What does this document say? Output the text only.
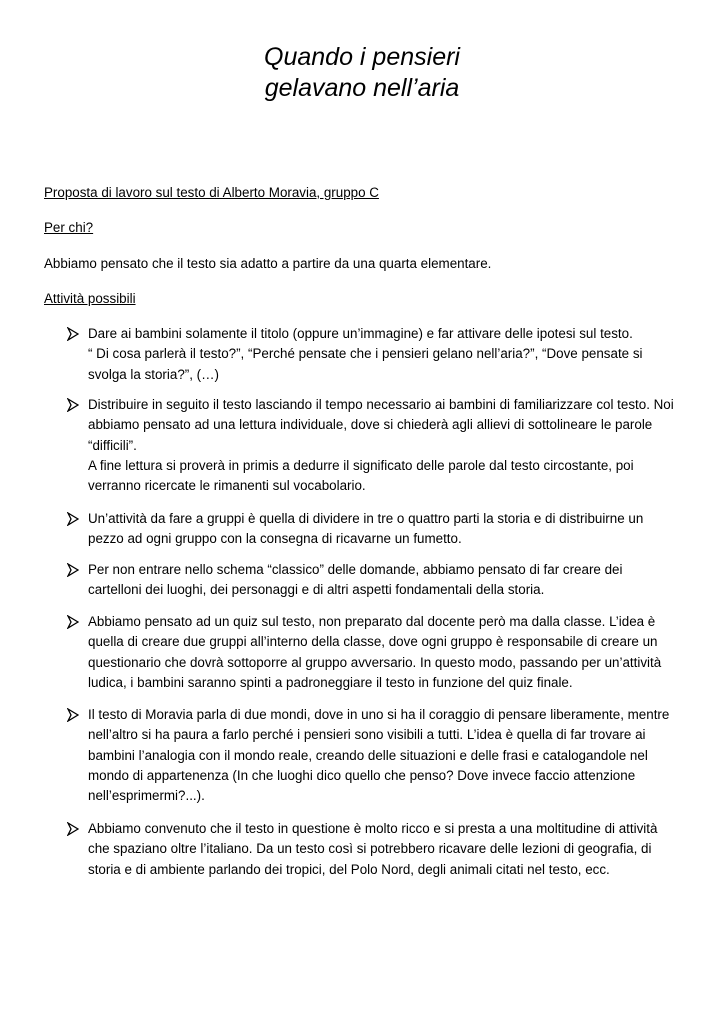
Quando i pensieri
gelavano nell’aria

Proposta di lavoro sul testo di Alberto Moravia, gruppo C

Per chi?

Abbiamo pensato che il testo sia adatto a partire da una quarta elementare.

Attività possibili

Dare ai bambini solamente il titolo (oppure un’immagine) e far attivare delle ipotesi sul testo.
“ Di cosa parlerà il testo?”, “Perché pensate che i pensieri gelano nell’aria?”, “Dove pensate si
svolga la storia?”, (…)

Distribuire in seguito il testo lasciando il tempo necessario ai bambini di familiarizzare col testo. Noi
abbiamo pensato ad una lettura individuale, dove si chiederà agli allievi di sottolineare le parole
“difficili”.
A fine lettura si proverà in primis a dedurre il significato delle parole dal testo circostante, poi
verranno ricercate le rimanenti sul vocabolario.

Un’attività da fare a gruppi è quella di dividere in tre o quattro parti la storia e di distribuirne un
pezzo ad ogni gruppo con la consegna di ricavarne un fumetto.

Per non entrare nello schema “classico” delle domande, abbiamo pensato di far creare dei
cartelloni dei luoghi, dei personaggi e di altri aspetti fondamentali della storia.

Abbiamo pensato ad un quiz sul testo, non preparato dal docente però ma dalla classe. L’idea è
quella di creare due gruppi all’interno della classe, dove ogni gruppo è responsabile di creare un
questionario che dovrà sottoporre al gruppo avversario. In questo modo, passando per un’attività
ludica, i bambini saranno spinti a padroneggiare il testo in funzione del quiz finale.

Il testo di Moravia parla di due mondi, dove in uno si ha il coraggio di pensare liberamente, mentre
nell’altro si ha paura a farlo perché i pensieri sono visibili a tutti. L’idea è quella di far trovare ai
bambini l’analogia con il mondo reale, creando delle situazioni e delle frasi e catalogandole nel
mondo di appartenenza (In che luoghi dico quello che penso? Dove invece faccio attenzione
nell’esprimermi?...).

Abbiamo convenuto che il testo in questione è molto ricco e si presta a una moltitudine di attività
che spaziano oltre l’italiano. Da un testo così si potrebbero ricavare delle lezioni di geografia, di
storia e di ambiente parlando dei tropici, del Polo Nord, degli animali citati nel testo, ecc.
